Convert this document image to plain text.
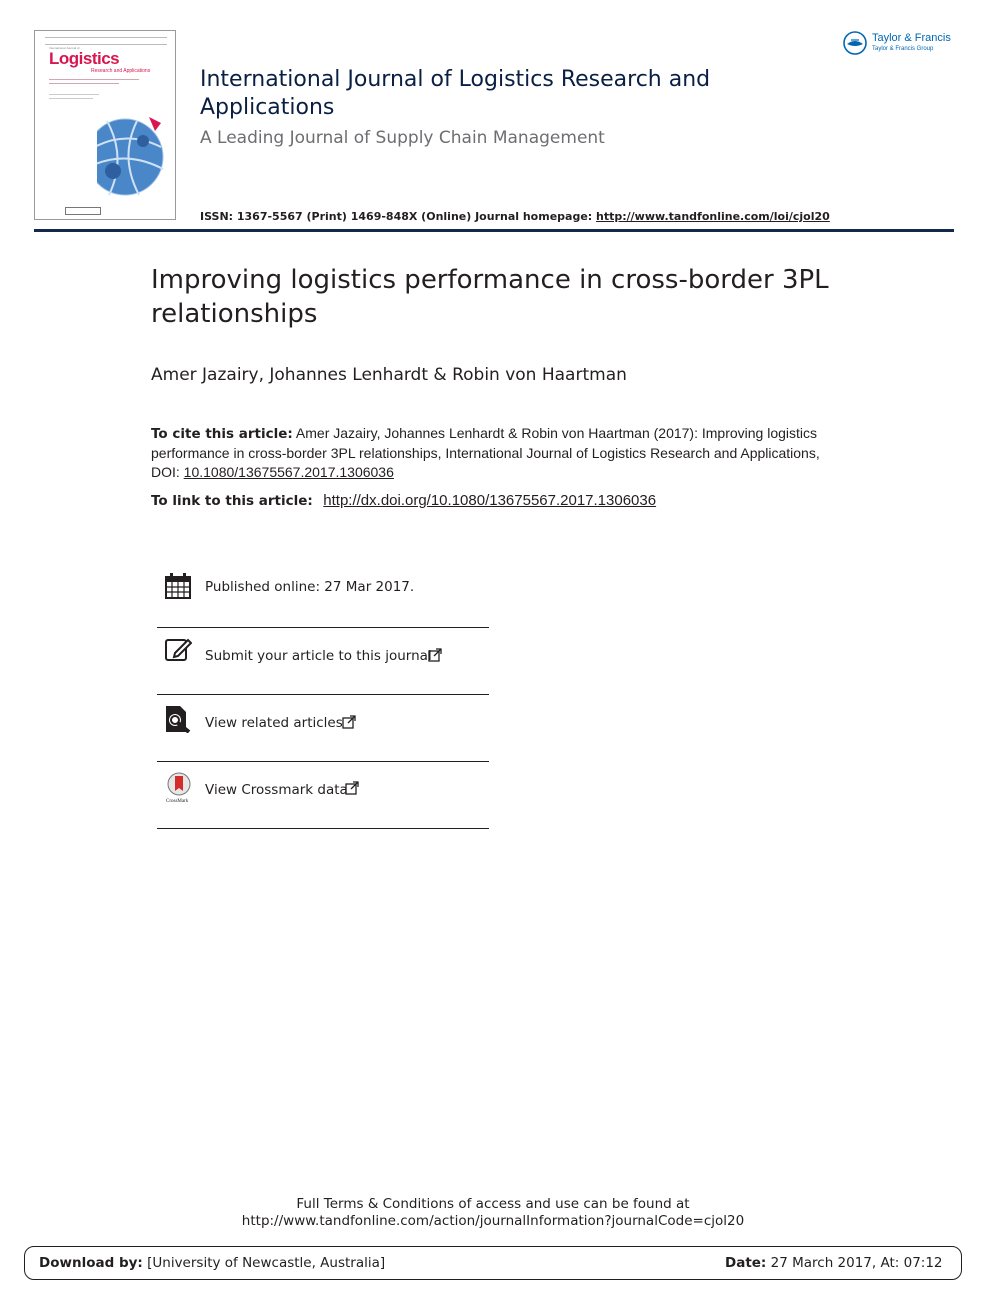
International Journal of
Logistics
Research and Applications
Taylor & Francis
Taylor & Francis Group
International Journal of Logistics Research and Applications
A Leading Journal of Supply Chain Management
ISSN: 1367-5567 (Print) 1469-848X (Online) Journal homepage: http://www.tandfonline.com/loi/cjol20
Improving logistics performance in cross-border 3PL relationships
Amer Jazairy, Johannes Lenhardt & Robin von Haartman
To cite this article: Amer Jazairy, Johannes Lenhardt & Robin von Haartman (2017): Improving logistics performance in cross-border 3PL relationships, International Journal of Logistics Research and Applications, DOI: 10.1080/13675567.2017.1306036
To link to this article: http://dx.doi.org/10.1080/13675567.2017.1306036
Published online: 27 Mar 2017.
Submit your article to this journal
View related articles
CrossMark
View Crossmark data
Full Terms & Conditions of access and use can be found at
http://www.tandfonline.com/action/journalInformation?journalCode=cjol20
Download by: [University of Newcastle, Australia]	Date: 27 March 2017, At: 07:12
